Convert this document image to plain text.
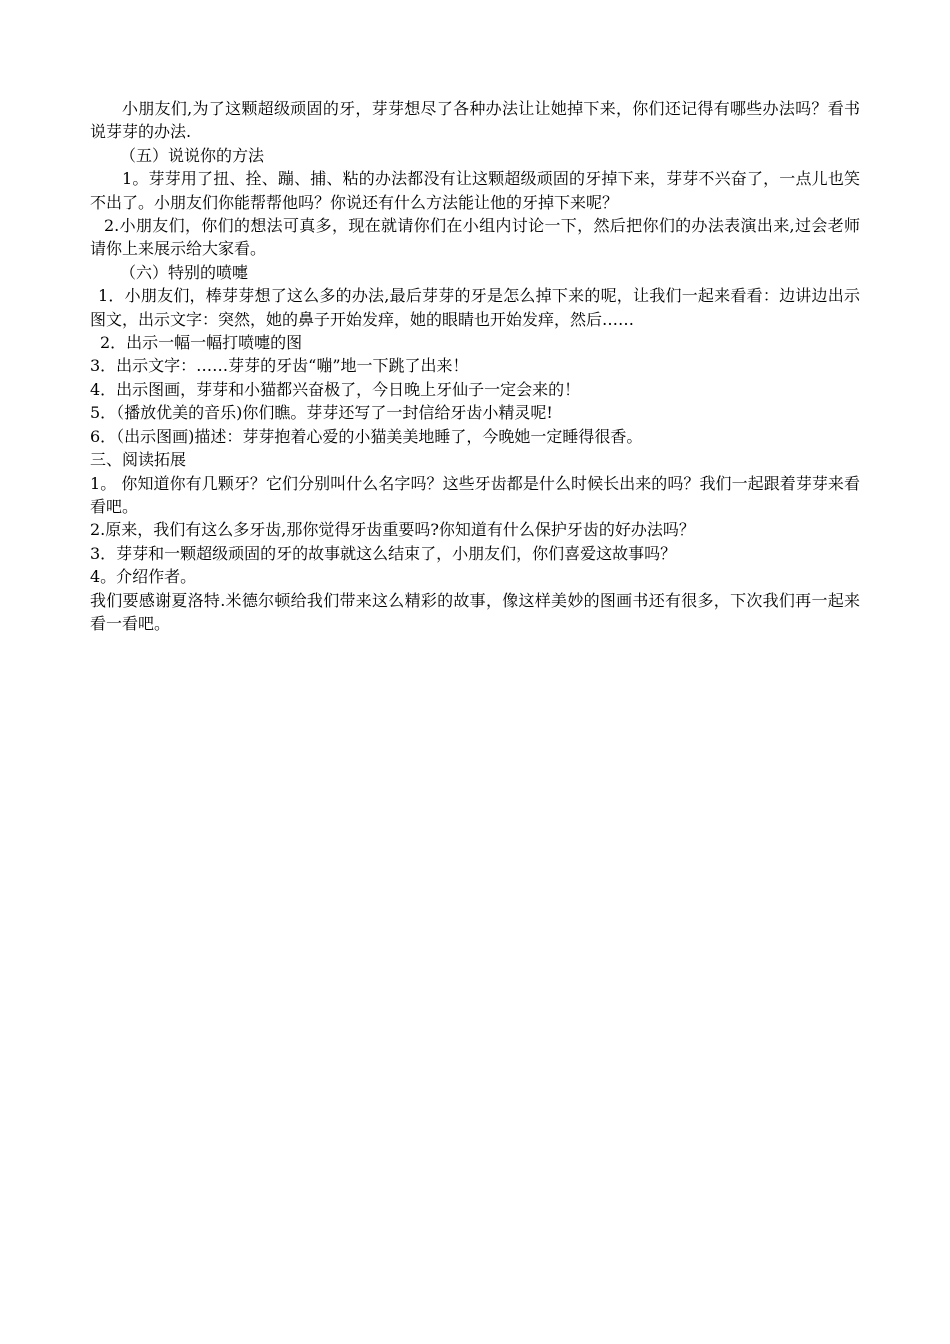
小朋友们,为了这颗超级顽固的牙，芽芽想尽了各种办法让让她掉下来，你们还记得有哪些办法吗？看书说芽芽的办法.

（五）说说你的方法

1。芽芽用了扭、拴、蹦、捕、粘的办法都没有让这颗超级顽固的牙掉下来，芽芽不兴奋了，一点儿也笑不出了。小朋友们你能帮帮他吗？你说还有什么方法能让他的牙掉下来呢？

2.小朋友们，你们的想法可真多，现在就请你们在小组内讨论一下，然后把你们的办法表演出来,过会老师请你上来展示给大家看。

（六）特别的喷嚏

1．小朋友们，棒芽芽想了这么多的办法,最后芽芽的牙是怎么掉下来的呢，让我们一起来看看：边讲边出示图文，出示文字：突然，她的鼻子开始发痒，她的眼睛也开始发痒，然后……

2．出示一幅一幅打喷嚏的图

3．出示文字：……芽芽的牙齿“嘣”地一下跳了出来！

4．出示图画，芽芽和小猫都兴奋极了，今日晚上牙仙子一定会来的！

5．（播放优美的音乐)你们瞧。芽芽还写了一封信给牙齿小精灵呢!

6．（出示图画)描述：芽芽抱着心爱的小猫美美地睡了，今晚她一定睡得很香。

三、阅读拓展

1。 你知道你有几颗牙？它们分别叫什么名字吗？这些牙齿都是什么时候长出来的吗？我们一起跟着芽芽来看看吧。

2.原来，我们有这么多牙齿,那你觉得牙齿重要吗?你知道有什么保护牙齿的好办法吗？

3．芽芽和一颗超级顽固的牙的故事就这么结束了，小朋友们，你们喜爱这故事吗？

4。介绍作者。

我们要感谢夏洛特.米德尔顿给我们带来这么精彩的故事，像这样美妙的图画书还有很多，下次我们再一起来看一看吧。
